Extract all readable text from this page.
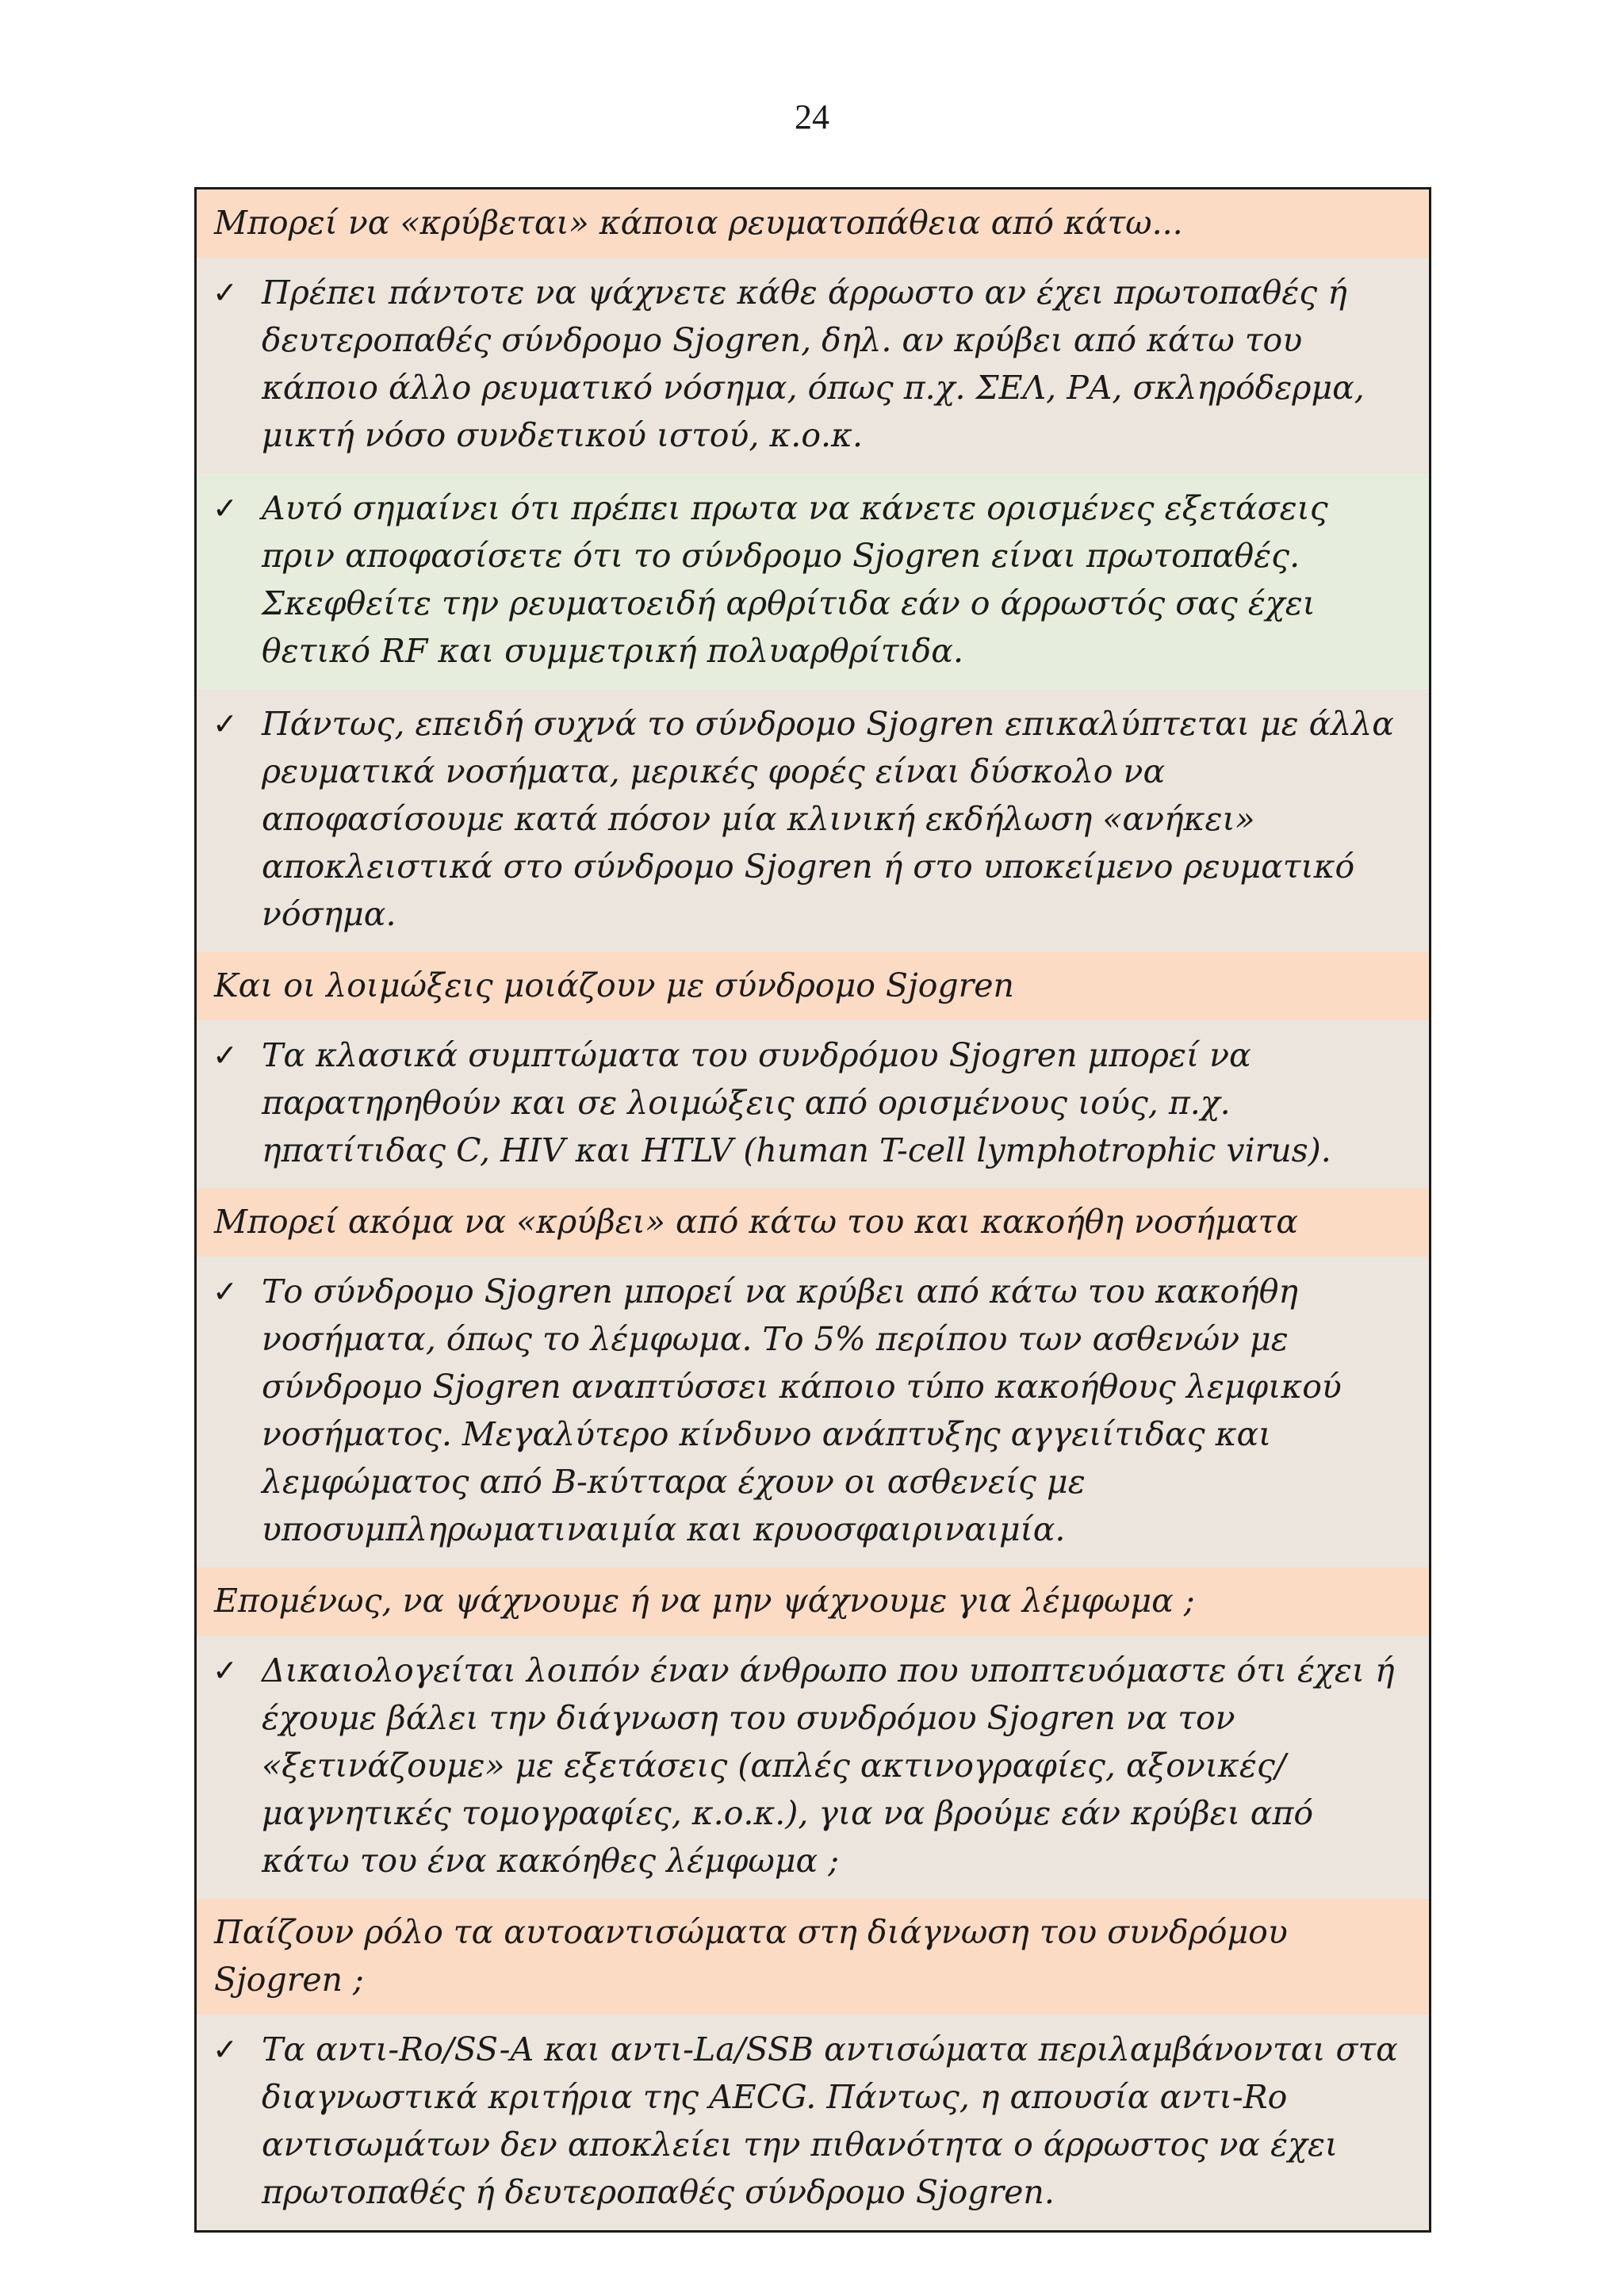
24
Μπορεί να «κρύβεται» κάποια ρευματοπάθεια από κάτω...
✓ Πρέπει πάντοτε να ψάχνετε κάθε άρρωστο αν έχει πρωτοπαθές ή δευτεροπαθές σύνδρομο Sjogren, δηλ. αν κρύβει από κάτω του κάποιο άλλο ρευματικό νόσημα, όπως π.χ. ΣΕΛ, ΡΑ, σκληρόδερμα, μικτή νόσο συνδετικού ιστού, κ.ο.κ.
✓ Αυτό σημαίνει ότι πρέπει πρωτα να κάνετε ορισμένες εξετάσεις πριν αποφασίσετε ότι το σύνδρομο Sjogren είναι πρωτοπαθές. Σκεφθείτε την ρευματοειδή αρθρίτιδα εάν ο άρρωστός σας έχει θετικό RF και συμμετρική πολυαρθρίτιδα.
✓ Πάντως, επειδή συχνά το σύνδρομο Sjogren επικαλύπτεται με άλλα ρευματικά νοσήματα, μερικές φορές είναι δύσκολο να αποφασίσουμε κατά πόσον μία κλινική εκδήλωση «ανήκει» αποκλειστικά στο σύνδρομο Sjogren ή στο υποκείμενο ρευματικό νόσημα.
Και οι λοιμώξεις μοιάζουν με σύνδρομο Sjogren
✓ Τα κλασικά συμπτώματα του συνδρόμου Sjogren μπορεί να παρατηρηθούν και σε λοιμώξεις από ορισμένους ιούς, π.χ. ηπατίτιδας C, HIV και HTLV (human T-cell lymphotrophic virus).
Μπορεί ακόμα να «κρύβει» από κάτω του και κακοήθη νοσήματα
✓ Το σύνδρομο Sjogren μπορεί να κρύβει από κάτω του κακοήθη νοσήματα, όπως το λέμφωμα. Το 5% περίπου των ασθενών με σύνδρομο Sjogren αναπτύσσει κάποιο τύπο κακοήθους λεμφικού νοσήματος. Μεγαλύτερο κίνδυνο ανάπτυξης αγγειίτιδας και λεμφώματος από Β-κύτταρα έχουν οι ασθενείς με υποσυμπληρωματιναιμία και κρυοσφαιριναιμία.
Επομένως, να ψάχνουμε ή να μην ψάχνουμε για λέμφωμα ;
✓ Δικαιολογείται λοιπόν έναν άνθρωπο που υποπτευόμαστε ότι έχει ή έχουμε βάλει την διάγνωση του συνδρόμου Sjogren να τον «ξετινάζουμε» με εξετάσεις (απλές ακτινογραφίες, αξονικές/ μαγνητικές τομογραφίες, κ.ο.κ.), για να βρούμε εάν κρύβει από κάτω του ένα κακόηθες λέμφωμα ;
Παίζουν ρόλο τα αυτοαντισώματα στη διάγνωση του συνδρόμου Sjogren ;
✓ Τα αντι-Ro/SS-A και αντι-La/SSB αντισώματα περιλαμβάνονται στα διαγνωστικά κριτήρια της AECG. Πάντως, η απουσία αντι-Ro αντισωμάτων δεν αποκλείει την πιθανότητα ο άρρωστος να έχει πρωτοπαθές ή δευτεροπαθές σύνδρομο Sjogren.
